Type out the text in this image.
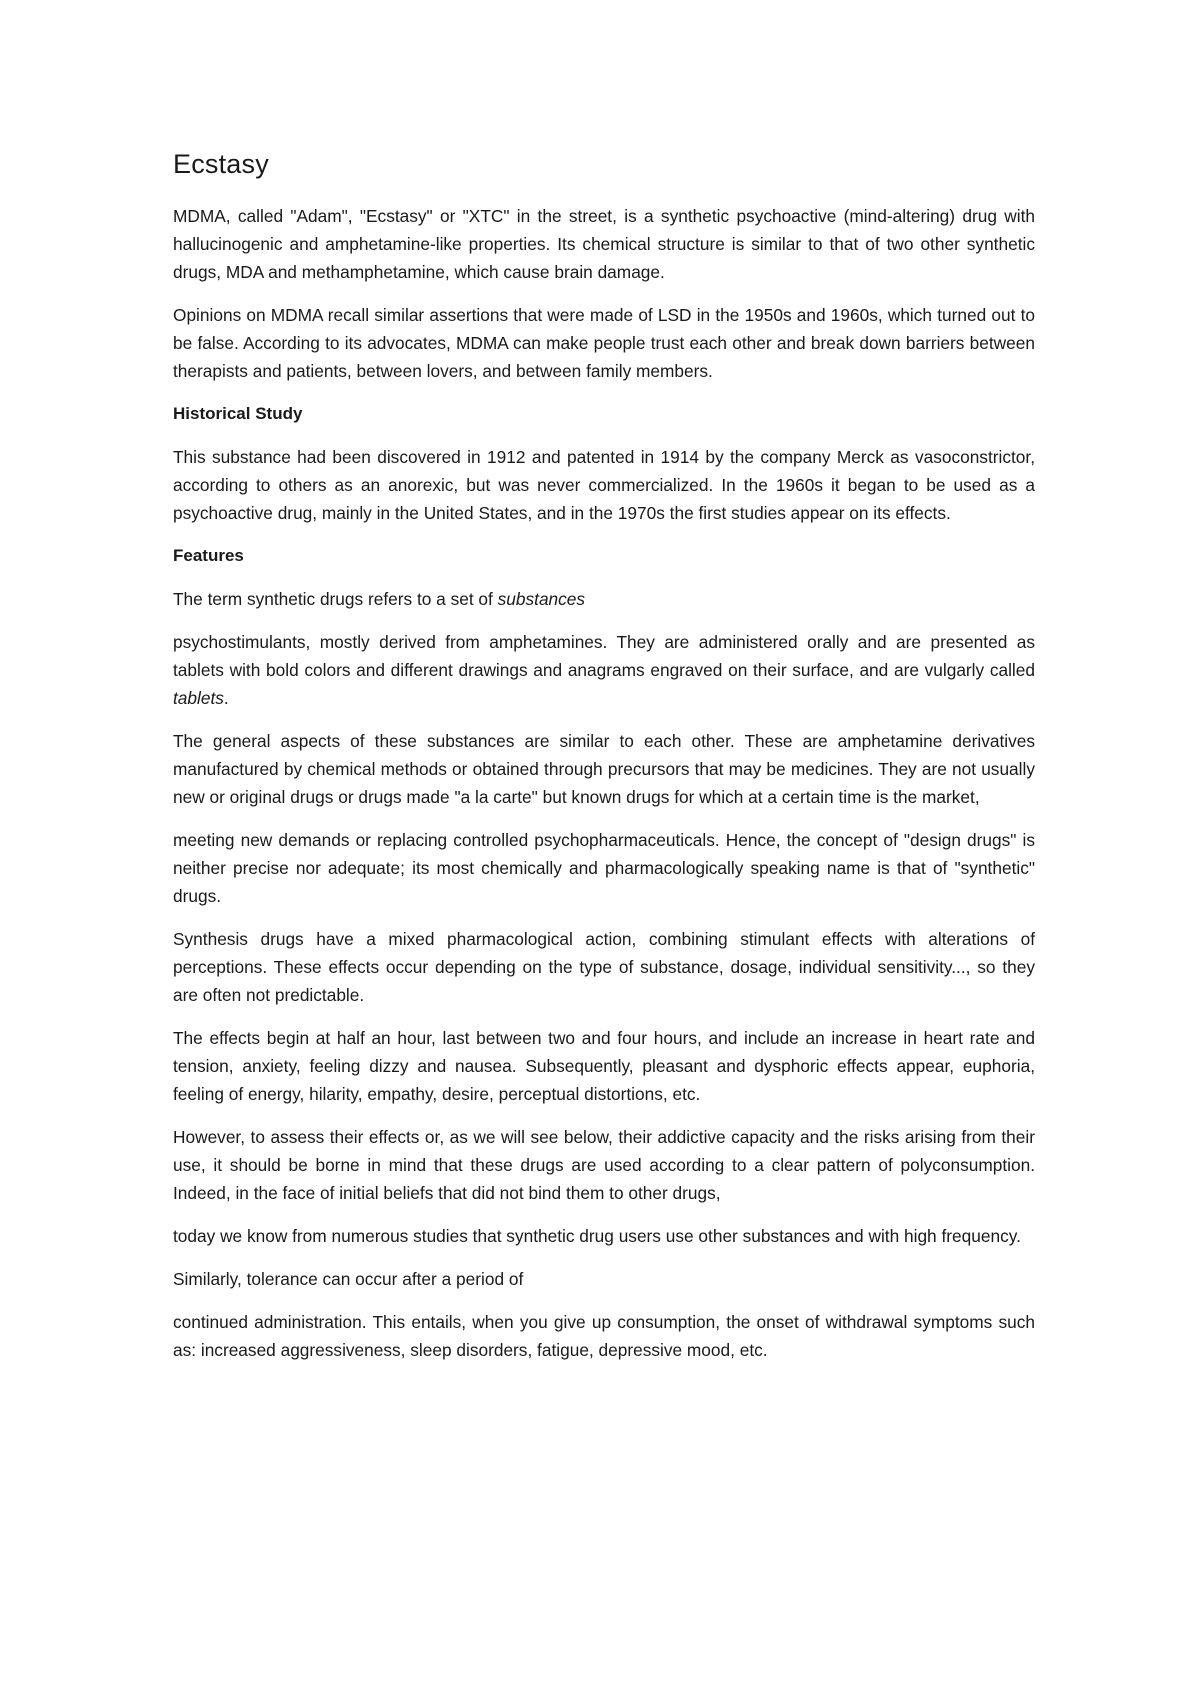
Ecstasy

MDMA, called "Adam", "Ecstasy" or "XTC" in the street, is a synthetic psychoactive (mind-altering) drug with hallucinogenic and amphetamine-like properties. Its chemical structure is similar to that of two other synthetic drugs, MDA and methamphetamine, which cause brain damage.

Opinions on MDMA recall similar assertions that were made of LSD in the 1950s and 1960s, which turned out to be false. According to its advocates, MDMA can make people trust each other and break down barriers between therapists and patients, between lovers, and between family members.

Historical Study

This substance had been discovered in 1912 and patented in 1914 by the company Merck as vasoconstrictor, according to others as an anorexic, but was never commercialized. In the 1960s it began to be used as a psychoactive drug, mainly in the United States, and in the 1970s the first studies appear on its effects.

Features

The term synthetic drugs refers to a set of substances

psychostimulants, mostly derived from amphetamines. They are administered orally and are presented as tablets with bold colors and different drawings and anagrams engraved on their surface, and are vulgarly called tablets.

The general aspects of these substances are similar to each other. These are amphetamine derivatives manufactured by chemical methods or obtained through precursors that may be medicines. They are not usually new or original drugs or drugs made "a la carte" but known drugs for which at a certain time is the market,

meeting new demands or replacing controlled psychopharmaceuticals. Hence, the concept of "design drugs" is neither precise nor adequate; its most chemically and pharmacologically speaking name is that of "synthetic" drugs.

Synthesis drugs have a mixed pharmacological action, combining stimulant effects with alterations of perceptions. These effects occur depending on the type of substance, dosage, individual sensitivity..., so they are often not predictable.

The effects begin at half an hour, last between two and four hours, and include an increase in heart rate and tension, anxiety, feeling dizzy and nausea. Subsequently, pleasant and dysphoric effects appear, euphoria, feeling of energy, hilarity, empathy, desire, perceptual distortions, etc.

However, to assess their effects or, as we will see below, their addictive capacity and the risks arising from their use, it should be borne in mind that these drugs are used according to a clear pattern of polyconsumption. Indeed, in the face of initial beliefs that did not bind them to other drugs,

today we know from numerous studies that synthetic drug users use other substances and with high frequency.

Similarly, tolerance can occur after a period of

continued administration. This entails, when you give up consumption, the onset of withdrawal symptoms such as: increased aggressiveness, sleep disorders, fatigue, depressive mood, etc.
